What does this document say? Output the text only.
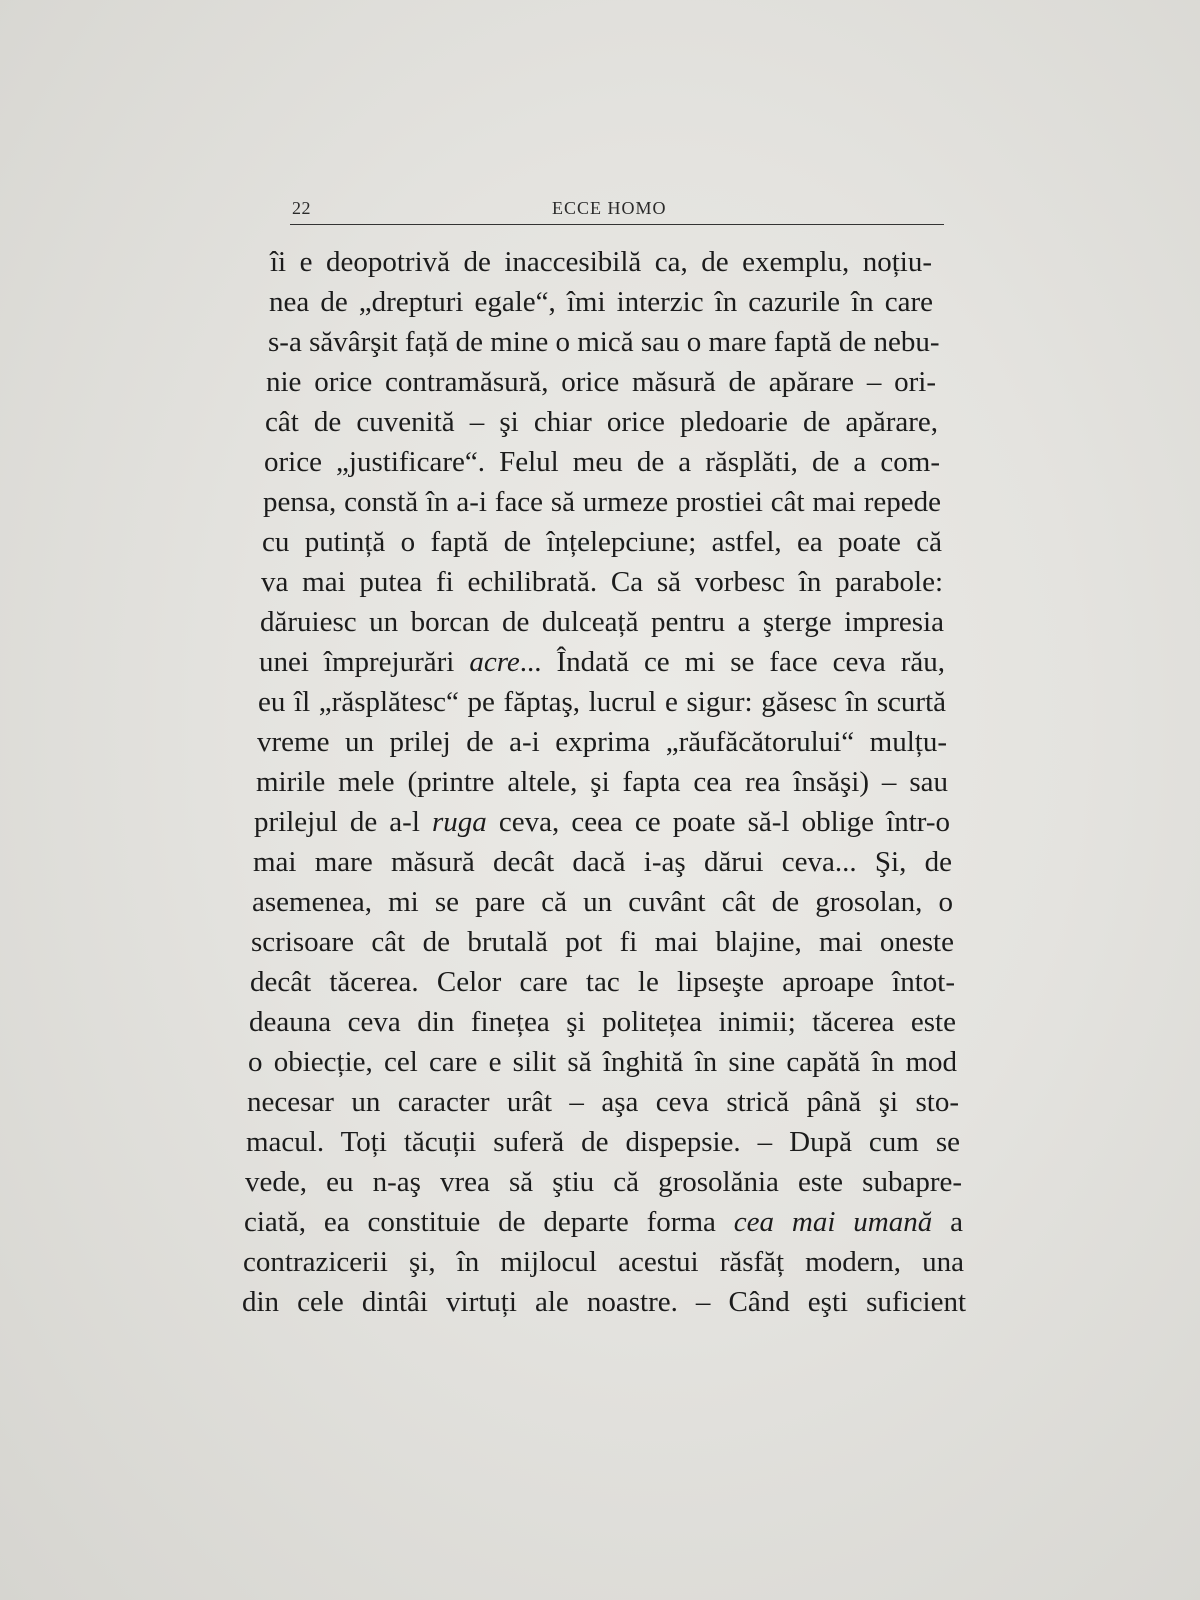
22	ECCE HOMO
îi e deopotrivă de inaccesibilă ca, de exemplu, noțiu-
nea de „drepturi egale“, îmi interzic în cazurile în care
s-a săvârşit față de mine o mică sau o mare faptă de nebu-
nie orice contramăsură, orice măsură de apărare – ori-
cât de cuvenită – şi chiar orice pledoarie de apărare,
orice „justificare“. Felul meu de a răsplăti, de a com-
pensa, constă în a-i face să urmeze prostiei cât mai repede
cu putință o faptă de înțelepciune; astfel, ea poate că
va mai putea fi echilibrată. Ca să vorbesc în parabole:
dăruiesc un borcan de dulceață pentru a şterge impresia
unei împrejurări acre... Îndată ce mi se face ceva rău,
eu îl „răsplătesc“ pe făptaş, lucrul e sigur: găsesc în scurtă
vreme un prilej de a-i exprima „răufăcătorului“ mulțu-
mirile mele (printre altele, şi fapta cea rea însăşi) – sau
prilejul de a-l ruga ceva, ceea ce poate să-l oblige într-o
mai mare măsură decât dacă i-aş dărui ceva... Şi, de
asemenea, mi se pare că un cuvânt cât de grosolan, o
scrisoare cât de brutală pot fi mai blajine, mai oneste
decât tăcerea. Celor care tac le lipseşte aproape întot-
deauna ceva din finețea şi politețea inimii; tăcerea este
o obiecție, cel care e silit să înghită în sine capătă în mod
necesar un caracter urât – aşa ceva strică până şi sto-
macul. Toți tăcuții suferă de dispepsie. – După cum se
vede, eu n-aş vrea să ştiu că grosolănia este subapre-
ciată, ea constituie de departe forma cea mai umană a
contrazicerii şi, în mijlocul acestui răsfăț modern, una
din cele dintâi virtuți ale noastre. – Când eşti suficient
